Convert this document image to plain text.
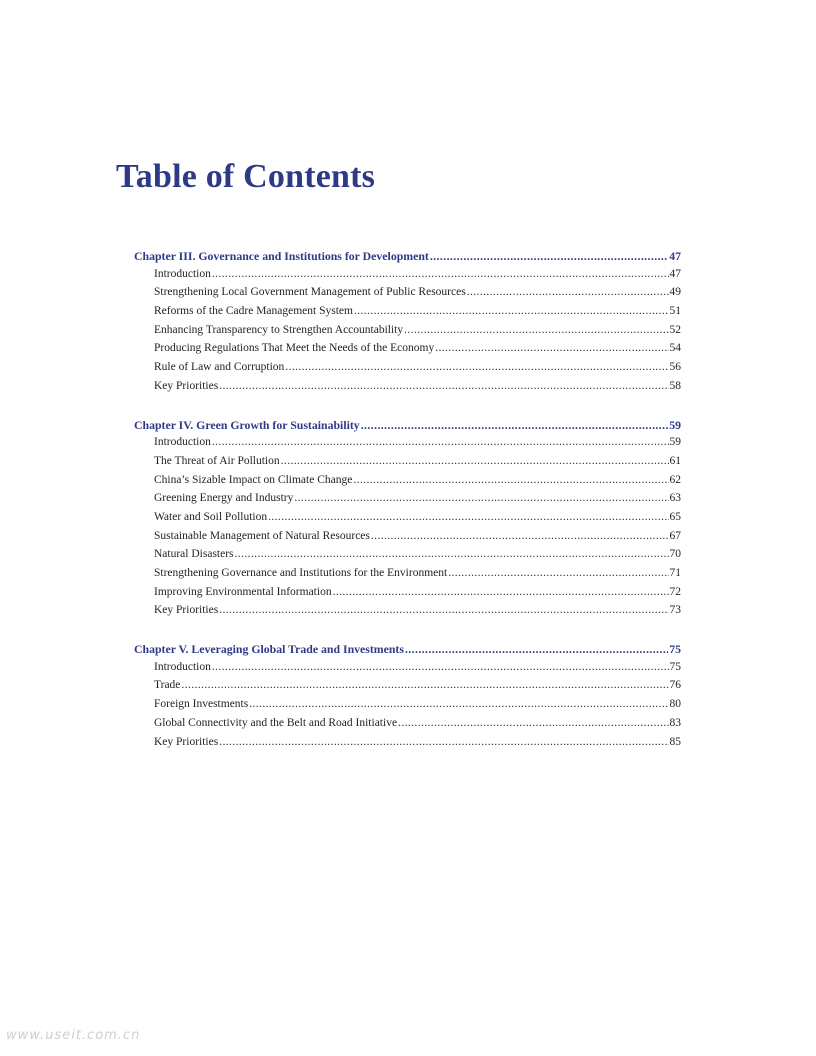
Table of Contents
Chapter III. Governance and Institutions for Development .....	47
Introduction .....	47
Strengthening Local Government Management of Public Resources .....	49
Reforms of the Cadre Management System .....	51
Enhancing Transparency to Strengthen Accountability .....	52
Producing Regulations That Meet the Needs of the Economy .....	54
Rule of Law and Corruption .....	56
Key Priorities .....	58
Chapter IV. Green Growth for Sustainability .....	59
Introduction .....	59
The Threat of Air Pollution .....	61
China’s Sizable Impact on Climate Change .....	62
Greening Energy and Industry .....	63
Water and Soil Pollution .....	65
Sustainable Management of Natural Resources .....	67
Natural Disasters .....	70
Strengthening Governance and Institutions for the Environment .....	71
Improving Environmental Information .....	72
Key Priorities .....	73
Chapter V. Leveraging Global Trade and Investments .....	75
Introduction .....	75
Trade .....	76
Foreign Investments .....	80
Global Connectivity and the Belt and Road Initiative .....	83
Key Priorities .....	85
www.useit.com.cn
